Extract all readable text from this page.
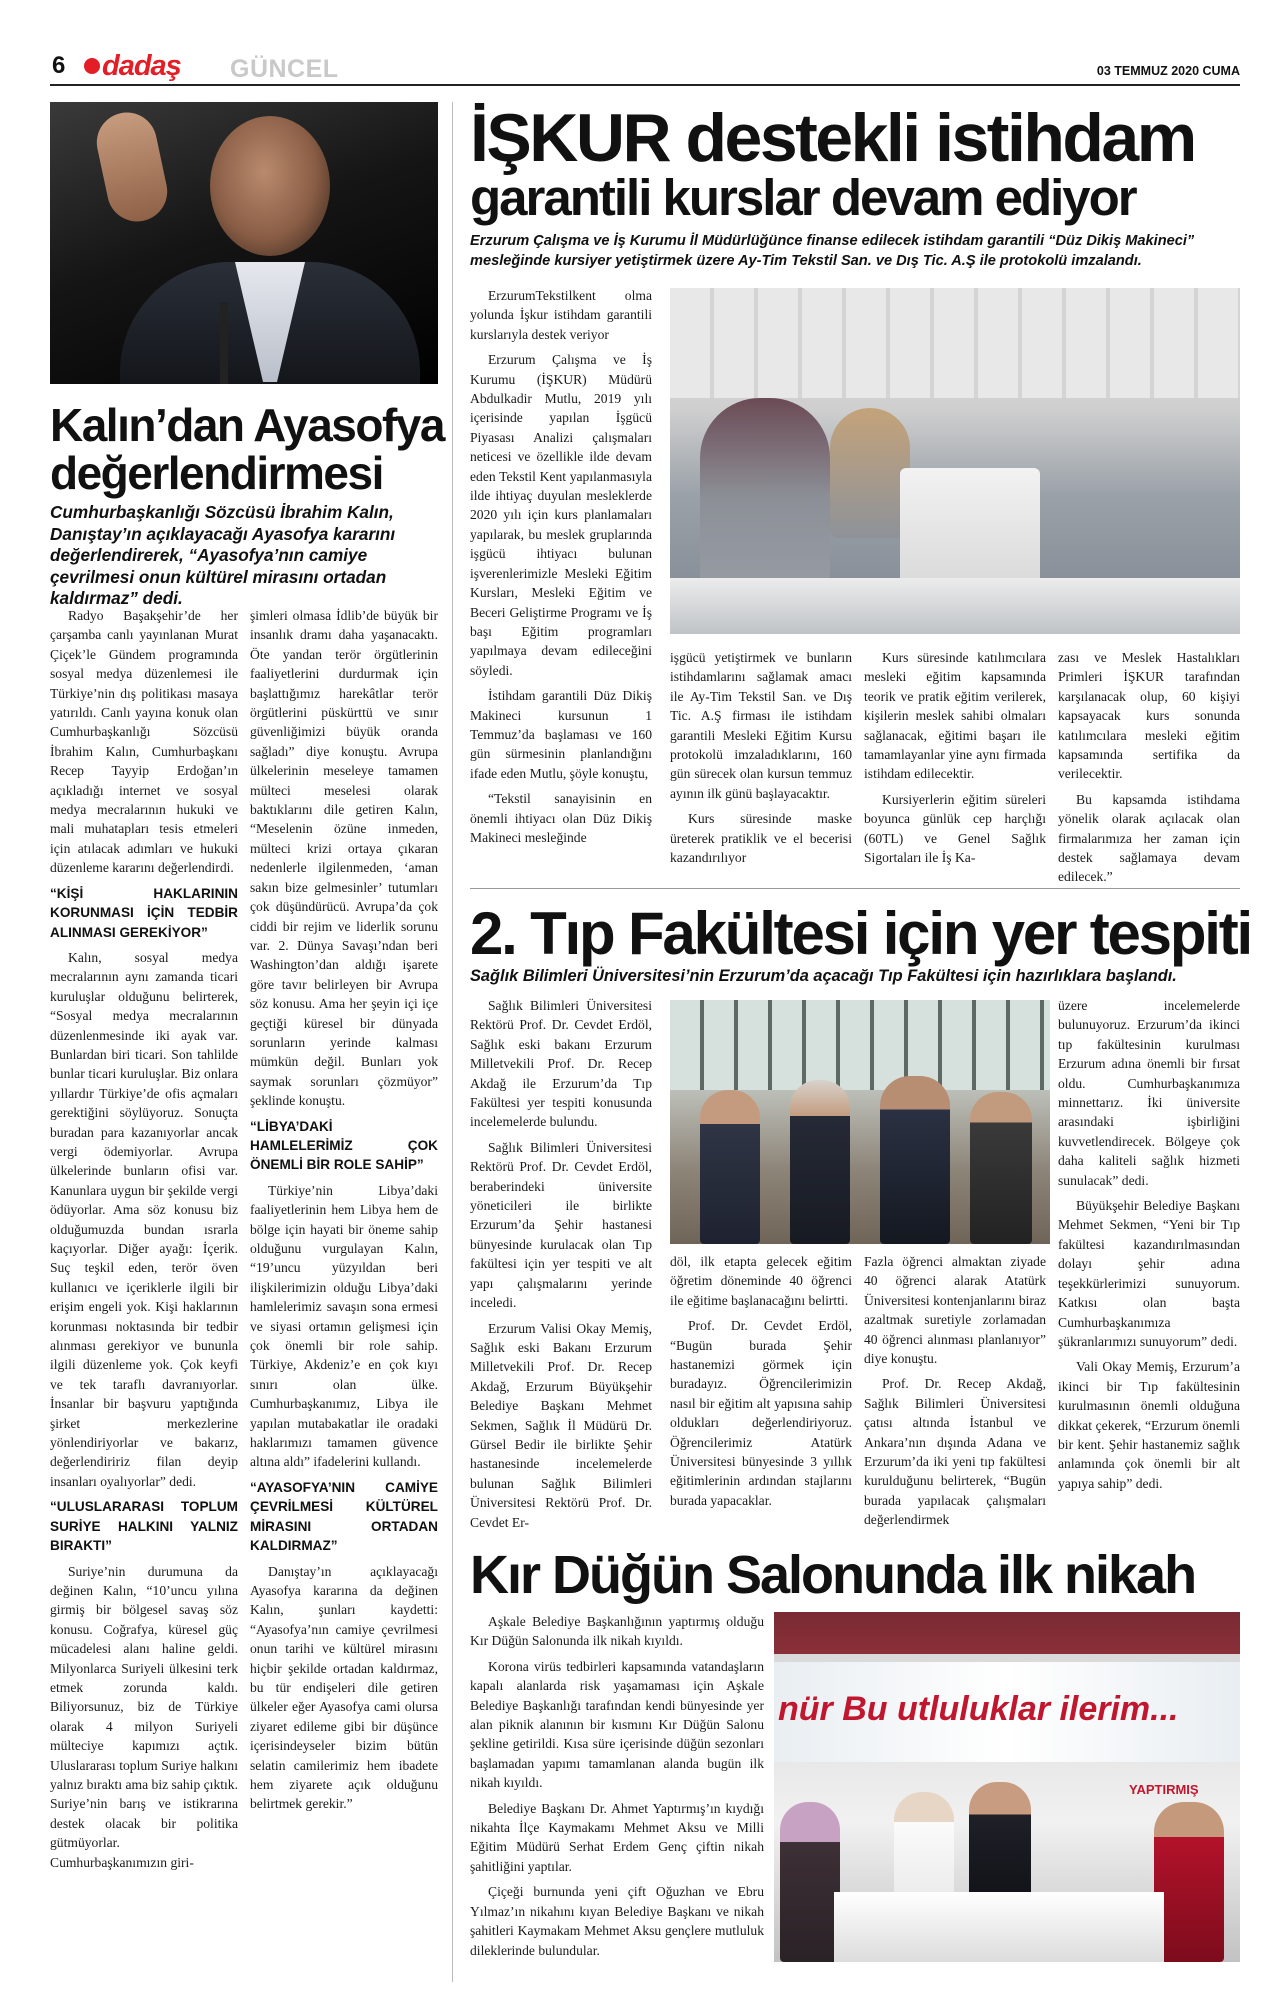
6 dadaş GÜNCEL	03 TEMMUZ 2020 CUMA
Kalın’dan Ayasofya
değerlendirmesi
Cumhurbaşkanlığı Sözcüsü İbrahim Kalın, Danıştay’ın açıklayacağı Ayasofya kararını değerlendirerek, “Ayasofya’nın camiye çevrilmesi onun kültürel mirasını ortadan kaldırmaz” dedi.

Radyo Başakşehir’de her çarşamba canlı yayınlanan Murat Çiçek’le Gündem programında sosyal medya düzenlemesi ile Türkiye’nin dış politikası masaya yatırıldı. Canlı yayına konuk olan Cumhurbaşkanlığı Sözcüsü İbrahim Kalın, Cumhurbaşkanı Recep Tayyip Erdoğan’ın açıkladığı internet ve sosyal medya mecralarının hukuki ve mali muhatapları tesis etmeleri için atılacak adımları ve hukuki düzenleme kararını değerlendirdi.

“KİŞİ HAKLARININ KORUNMASI İÇİN TEDBİR ALINMASI GEREKİYOR”

Kalın, sosyal medya mecralarının aynı zamanda ticari kuruluşlar olduğunu belirterek, “Sosyal medya mecralarının düzenlenmesinde iki ayak var. Bunlardan biri ticari. Son tahlilde bunlar ticari kuruluşlar. Biz onlara yıllardır Türkiye’de ofis açmaları gerektiğini söylüyoruz. Sonuçta buradan para kazanıyorlar ancak vergi ödemiyorlar. Avrupa ülkelerinde bunların ofisi var. Kanunlara uygun bir şekilde vergi ödüyorlar. Ama söz konusu biz olduğumuzda bundan ısrarla kaçıyorlar. Diğer ayağı: İçerik. Suç teşkil eden, terör öven kullanıcı ve içeriklerle ilgili bir erişim engeli yok. Kişi haklarının korunması noktasında bir tedbir alınması gerekiyor ve bununla ilgili düzenleme yok. Çok keyfi ve tek taraflı davranıyorlar. İnsanlar bir başvuru yaptığında şirket merkezlerine yönlendiriyorlar ve bakarız, değerlendiririz filan deyip insanları oyalıyorlar” dedi.

“ULUSLARARASI TOPLUM SURİYE HALKINI YALNIZ BIRAKTI”

Suriye’nin durumuna da değinen Kalın, “10’uncu yılına girmiş bir bölgesel savaş söz konusu. Coğrafya, küresel güç mücadelesi alanı haline geldi. Milyonlarca Suriyeli ülkesini terk etmek zorunda kaldı. Biliyorsunuz, biz de Türkiye olarak 4 milyon Suriyeli mülteciye kapımızı açtık. Uluslararası toplum Suriye halkını yalnız bıraktı ama biz sahip çıktık. Suriye’nin barış ve istikrarına destek olacak bir politika gütmüyorlar. Cumhurbaşkanımızın giri-

şimleri olmasa İdlib’de büyük bir insanlık dramı daha yaşanacaktı. Öte yandan terör örgütlerinin faaliyetlerini durdurmak için başlattığımız harekâtlar terör örgütlerini püskürttü ve sınır güvenliğimizi büyük oranda sağladı” diye konuştu. Avrupa ülkelerinin meseleye tamamen mülteci meselesi olarak baktıklarını dile getiren Kalın, “Meselenin özüne inmeden, mülteci krizi ortaya çıkaran nedenlerle ilgilenmeden, ‘aman sakın bize gelmesinler’ tutumları çok düşündürücü. Avrupa’da çok ciddi bir rejim ve liderlik sorunu var. 2. Dünya Savaşı’ndan beri Washington’dan aldığı işarete göre tavır belirleyen bir Avrupa söz konusu. Ama her şeyin içi içe geçtiği küresel bir dünyada sorunların yerinde kalması mümkün değil. Bunları yok saymak sorunları çözmüyor” şeklinde konuştu.

“LİBYA’DAKİ HAMLELERİMİZ ÇOK ÖNEMLİ BİR ROLE SAHİP”

Türkiye’nin Libya’daki faaliyetlerinin hem Libya hem de bölge için hayati bir öneme sahip olduğunu vurgulayan Kalın, “19’uncu yüzyıldan beri ilişkilerimizin olduğu Libya’daki hamlelerimiz savaşın sona ermesi ve siyasi ortamın gelişmesi için çok önemli bir role sahip. Türkiye, Akdeniz’e en çok kıyı sınırı olan ülke. Cumhurbaşkanımız, Libya ile yapılan mutabakatlar ile oradaki haklarımızı tamamen güvence altına aldı” ifadelerini kullandı.

“AYASOFYA’NIN CAMİYE ÇEVRİLMESİ KÜLTÜREL MİRASINI ORTADAN KALDIRMAZ”

Danıştay’ın açıklayacağı Ayasofya kararına da değinen Kalın, şunları kaydetti: “Ayasofya’nın camiye çevrilmesi onun tarihi ve kültürel mirasını hiçbir şekilde ortadan kaldırmaz, bu tür endişeleri dile getiren ülkeler eğer Ayasofya cami olursa ziyaret edileme gibi bir düşünce içerisindeyseler bizim bütün selatin camilerimiz hem ibadete hem ziyarete açık olduğunu belirtmek gerekir.”

İŞKUR destekli istihdam
garantili kurslar devam ediyor
Erzurum Çalışma ve İş Kurumu İl Müdürlüğünce finanse edilecek istihdam garantili “Düz Dikiş Makineci” mesleğinde kursiyer yetiştirmek üzere Ay-Tim Tekstil San. ve Dış Tic. A.Ş ile protokolü imzalandı.

ErzurumTekstilkent olma yolunda İşkur istihdam garantili kurslarıyla destek veriyor

Erzurum Çalışma ve İş Kurumu (İŞKUR) Müdürü Abdulkadir Mutlu, 2019 yılı içerisinde yapılan İşgücü Piyasası Analizi çalışmaları neticesi ve özellikle ilde devam eden Tekstil Kent yapılanmasıyla ilde ihtiyaç duyulan mesleklerde 2020 yılı için kurs planlamaları yapılarak, bu meslek gruplarında işgücü ihtiyacı bulunan işverenlerimizle Mesleki Eğitim Kursları, Mesleki Eğitim ve Beceri Geliştirme Programı ve İş başı Eğitim programları yapılmaya devam edileceğini söyledi.

İstihdam garantili Düz Dikiş Makineci kursunun 1 Temmuz’da başlaması ve 160 gün sürmesinin planlandığını ifade eden Mutlu, şöyle konuştu,

“Tekstil sanayisinin en önemli ihtiyacı olan Düz Dikiş Makineci mesleğinde

işgücü yetiştirmek ve bunların istihdamlarını sağlamak amacı ile Ay-Tim Tekstil San. ve Dış Tic. A.Ş firması ile istihdam garantili Mesleki Eğitim Kursu protokolü imzaladıklarını, 160 gün sürecek olan kursun temmuz ayının ilk günü başlayacaktır.

Kurs süresinde maske üreterek pratiklik ve el becerisi kazandırılıyor

Kurs süresinde katılımcılara mesleki eğitim kapsamında teorik ve pratik eğitim verilerek, kişilerin meslek sahibi olmaları sağlanacak, eğitimi başarı ile tamamlayanlar yine aynı firmada istihdam edilecektir.

Kursiyerlerin eğitim süreleri boyunca günlük cep harçlığı (60TL) ve Genel Sağlık Sigortaları ile İş Ka-

zası ve Meslek Hastalıkları Primleri İŞKUR tarafından karşılanacak olup, 60 kişiyi kapsayacak kurs sonunda katılımcılara mesleki eğitim kapsamında sertifika da verilecektir.

Bu kapsamda istihdama yönelik olarak açılacak olan firmalarımıza her zaman için destek sağlamaya devam edilecek.”

2. Tıp Fakültesi için yer tespiti
Sağlık Bilimleri Üniversitesi’nin Erzurum’da açacağı Tıp Fakültesi için hazırlıklara başlandı.

Sağlık Bilimleri Üniversitesi Rektörü Prof. Dr. Cevdet Erdöl, Sağlık eski bakanı Erzurum Milletvekili Prof. Dr. Recep Akdağ ile Erzurum’da Tıp Fakültesi yer tespiti konusunda incelemelerde bulundu.

Sağlık Bilimleri Üniversitesi Rektörü Prof. Dr. Cevdet Erdöl, beraberindeki üniversite yöneticileri ile birlikte Erzurum’da Şehir hastanesi bünyesinde kurulacak olan Tıp fakültesi için yer tespiti ve alt yapı çalışmalarını yerinde inceledi.

Erzurum Valisi Okay Memiş, Sağlık eski Bakanı Erzurum Milletvekili Prof. Dr. Recep Akdağ, Erzurum Büyükşehir Belediye Başkanı Mehmet Sekmen, Sağlık İl Müdürü Dr. Gürsel Bedir ile birlikte Şehir hastanesinde incelemelerde bulunan Sağlık Bilimleri Üniversitesi Rektörü Prof. Dr. Cevdet Er-

döl, ilk etapta gelecek eğitim öğretim döneminde 40 öğrenci ile eğitime başlanacağını belirtti.

Prof. Dr. Cevdet Erdöl, “Bugün burada Şehir hastanemizi görmek için buradayız. Öğrencilerimizin nasıl bir eğitim alt yapısına sahip oldukları değerlendiriyoruz. Öğrencilerimiz Atatürk Üniversitesi bünyesinde 3 yıllık eğitimlerinin ardından stajlarını burada yapacaklar.

Fazla öğrenci almaktan ziyade 40 öğrenci alarak Atatürk Üniversitesi kontenjanlarını biraz azaltmak suretiyle zorlamadan 40 öğrenci alınması planlanıyor” diye konuştu.

Prof. Dr. Recep Akdağ, Sağlık Bilimleri Üniversitesi çatısı altında İstanbul ve Ankara’nın dışında Adana ve Erzurum’da iki yeni tıp fakültesi kurulduğunu belirterek, “Bugün burada yapılacak çalışmaları değerlendirmek

üzere incelemelerde bulunuyoruz. Erzurum’da ikinci tıp fakültesinin kurulması Erzurum adına önemli bir fırsat oldu. Cumhurbaşkanımıza minnettarız. İki üniversite arasındaki işbirliğini kuvvetlendirecek. Bölgeye çok daha kaliteli sağlık hizmeti sunulacak” dedi.

Büyükşehir Belediye Başkanı Mehmet Sekmen, “Yeni bir Tıp fakültesi kazandırılmasından dolayı şehir adına teşekkürlerimizi sunuyorum. Katkısı olan başta Cumhurbaşkanımıza şükranlarımızı sunuyorum” dedi.

Vali Okay Memiş, Erzurum’a ikinci bir Tıp fakültesinin kurulmasının önemli olduğuna dikkat çekerek, “Erzurum önemli bir kent. Şehir hastanemiz sağlık anlamında çok önemli bir alt yapıya sahip” dedi.

Kır Düğün Salonunda ilk nikah

Aşkale Belediye Başkanlığının yaptırmış olduğu Kır Düğün Salonunda ilk nikah kıyıldı.

Korona virüs tedbirleri kapsamında vatandaşların kapalı alanlarda risk yaşamaması için Aşkale Belediye Başkanlığı tarafından kendi bünyesinde yer alan piknik alanının bir kısmını Kır Düğün Salonu şekline getirildi. Kısa süre içerisinde düğün sezonları başlamadan yapımı tamamlanan alanda bugün ilk nikah kıyıldı.

Belediye Başkanı Dr. Ahmet Yaptırmış’ın kıydığı nikahta İlçe Kaymakamı Mehmet Aksu ve Milli Eğitim Müdürü Serhat Erdem Genç çiftin nikah şahitliğini yaptılar.

Çiçeği burnunda yeni çift Oğuzhan ve Ebru Yılmaz’ın nikahını kıyan Belediye Başkanı ve nikah şahitleri Kaymakam Mehmet Aksu gençlere mutluluk dileklerinde bulundular.

nür Bu utluluklar ilerim...
YAPTIRMIŞ
